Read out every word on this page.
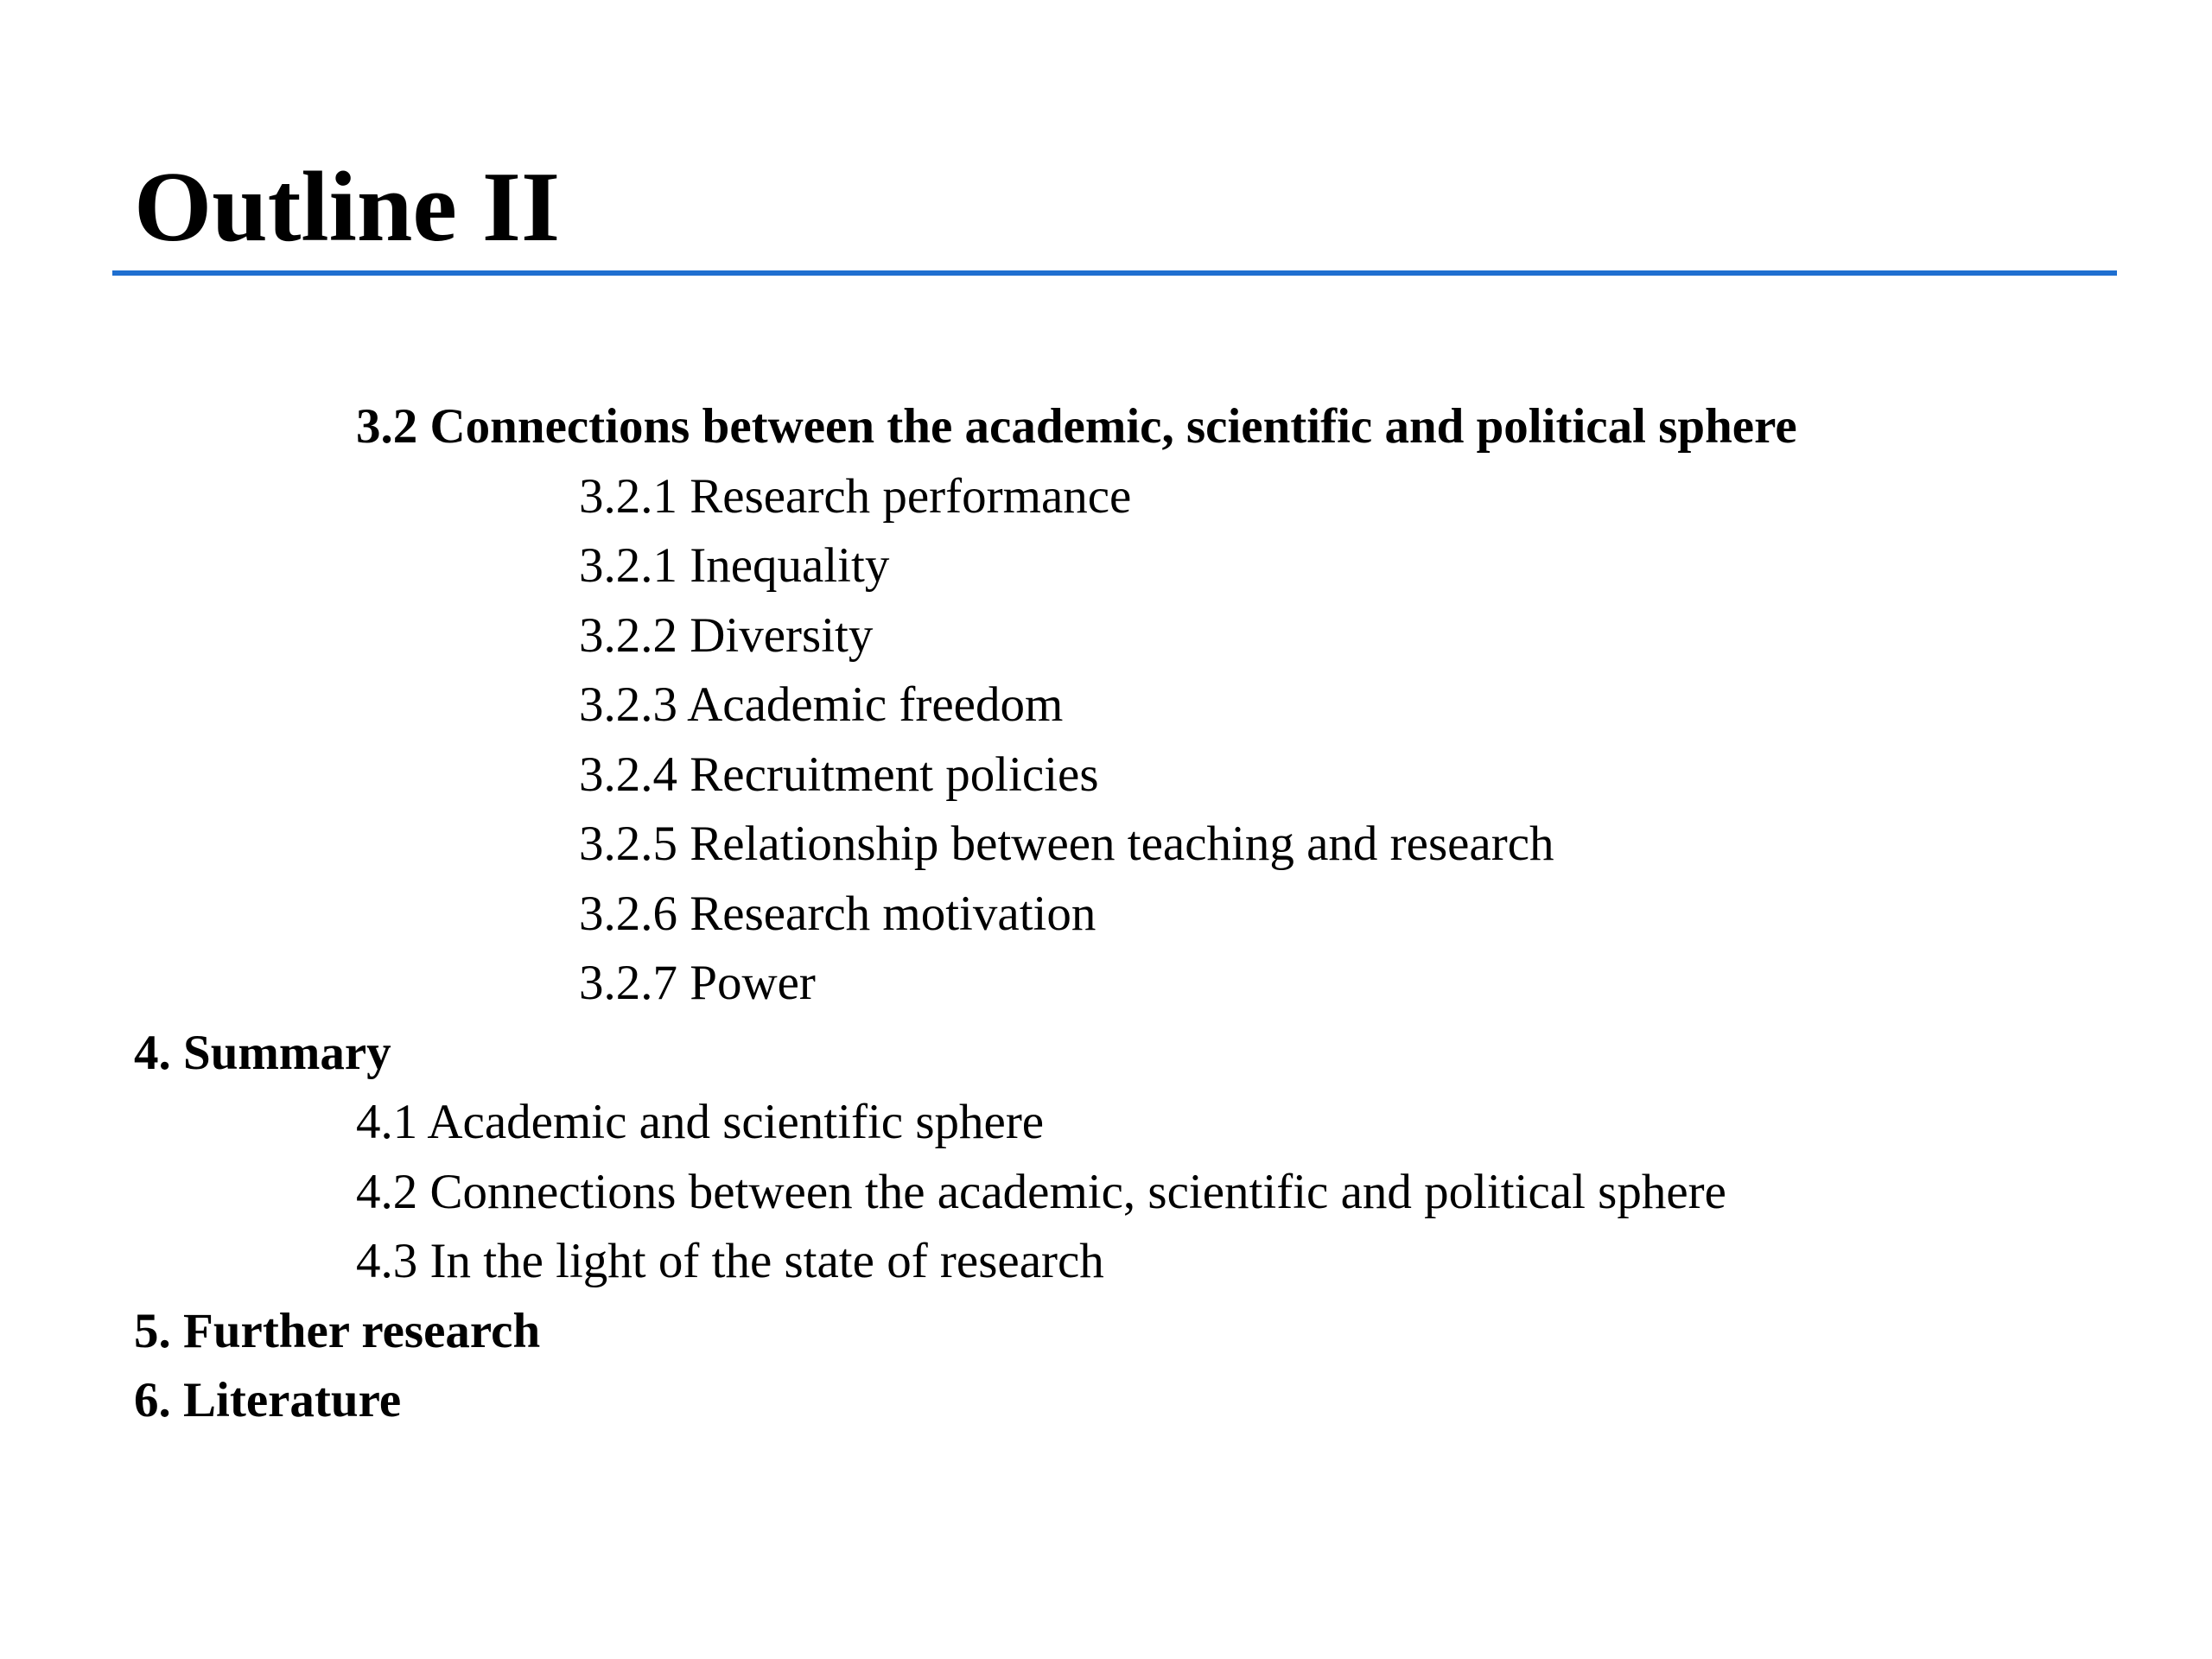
Outline II
3.2 Connections between the academic, scientific and political sphere
3.2.1 Research performance
3.2.1 Inequality
3.2.2 Diversity
3.2.3 Academic freedom
3.2.4 Recruitment policies
3.2.5 Relationship between teaching and research
3.2.6 Research motivation
3.2.7 Power
4. Summary
4.1 Academic and scientific sphere
4.2 Connections between the academic, scientific and political sphere
4.3 In the light of the state of research
5. Further research
6. Literature
